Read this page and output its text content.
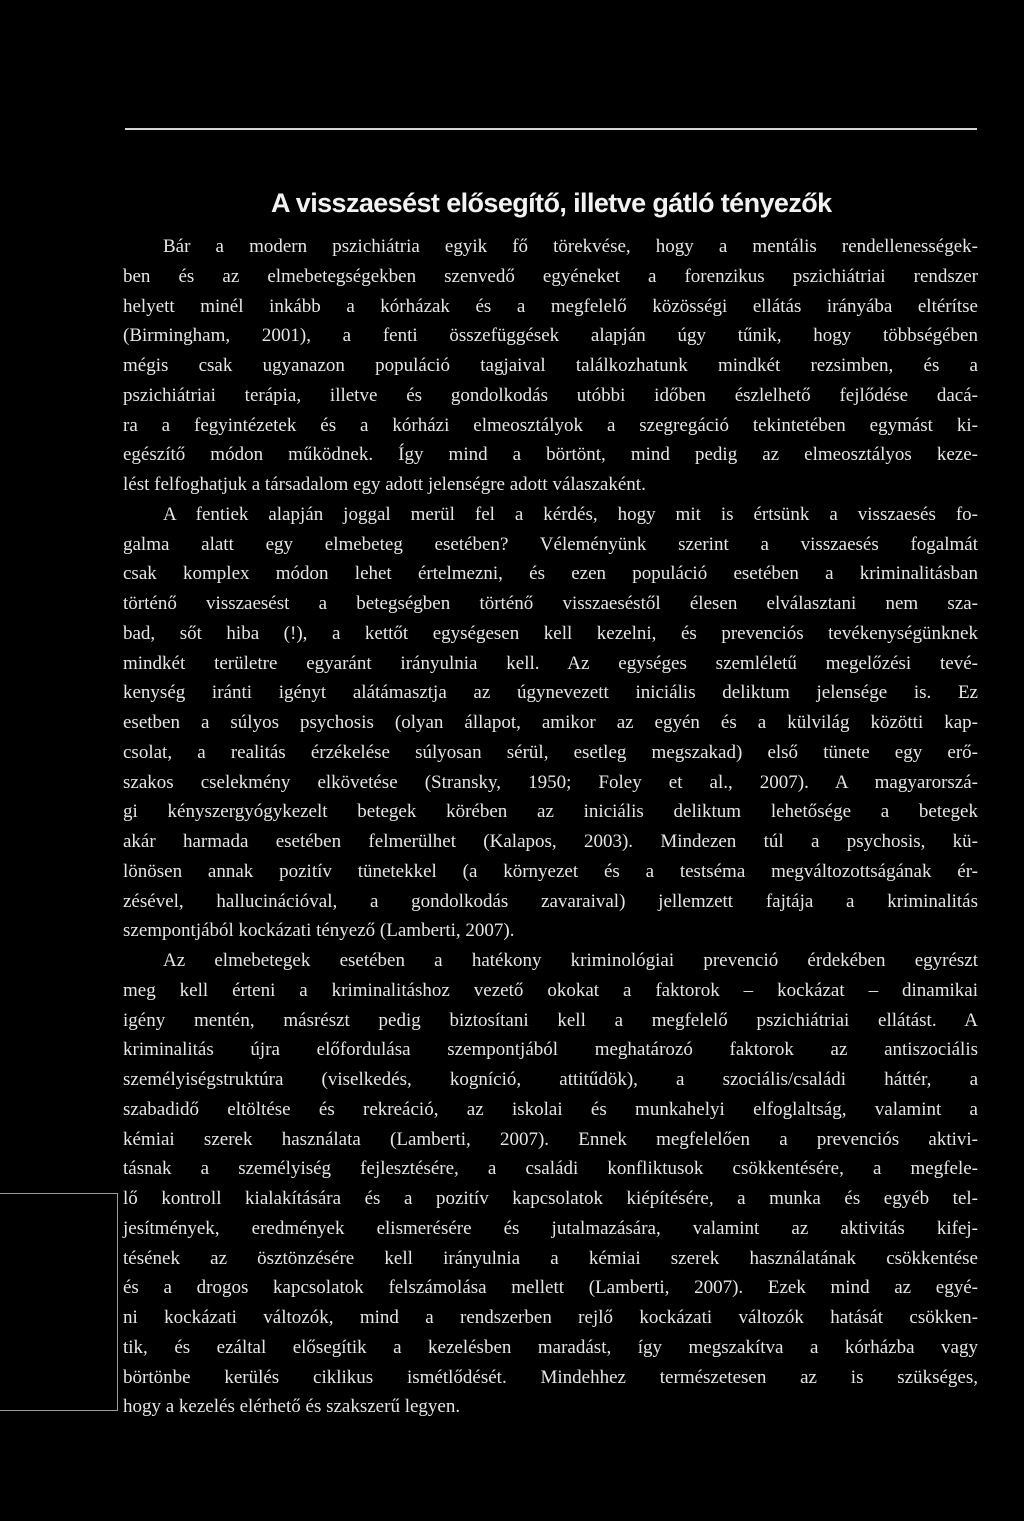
A visszaesést elősegítő, illetve gátló tényezők
Bár a modern pszichiátria egyik fő törekvése, hogy a mentális rendellenességek-
ben és az elmebetegségekben szenvedő egyéneket a forenzikus pszichiátriai rendszer
helyett minél inkább a kórházak és a megfelelő közösségi ellátás irányába eltérítse
(Birmingham, 2001), a fenti összefüggések alapján úgy tűnik, hogy többségében
mégis csak ugyanazon populáció tagjaival találkozhatunk mindkét rezsimben, és a
pszichiátriai terápia, illetve és gondolkodás utóbbi időben észlelhető fejlődése dacá-
ra a fegyintézetek és a kórházi elmeosztályok a szegregáció tekintetében egymást ki-
egészítő módon működnek. Így mind a börtönt, mind pedig az elmeosztályos keze-
lést felfoghatjuk a társadalom egy adott jelenségre adott válaszaként.
A fentiek alapján joggal merül fel a kérdés, hogy mit is értsünk a visszaesés fo-
galma alatt egy elmebeteg esetében? Véleményünk szerint a visszaesés fogalmát
csak komplex módon lehet értelmezni, és ezen populáció esetében a kriminalitásban
történő visszaesést a betegségben történő visszaeséstől élesen elválasztani nem sza-
bad, sőt hiba (!), a kettőt egységesen kell kezelni, és prevenciós tevékenységünknek
mindkét területre egyaránt irányulnia kell. Az egységes szemléletű megelőzési tevé-
kenység iránti igényt alátámasztja az úgynevezett iniciális deliktum jelensége is. Ez
esetben a súlyos psychosis (olyan állapot, amikor az egyén és a külvilág közötti kap-
csolat, a realitás érzékelése súlyosan sérül, esetleg megszakad) első tünete egy erő-
szakos cselekmény elkövetése (Stransky, 1950; Foley et al., 2007). A magyarorszá-
gi kényszergyógykezelt betegek körében az iniciális deliktum lehetősége a betegek
akár harmada esetében felmerülhet (Kalapos, 2003). Mindezen túl a psychosis, kü-
lönösen annak pozitív tünetekkel (a környezet és a testséma megváltozottságának ér-
zésével, hallucinációval, a gondolkodás zavaraival) jellemzett fajtája a kriminalitás
szempontjából kockázati tényező (Lamberti, 2007).
Az elmebetegek esetében a hatékony kriminológiai prevenció érdekében egyrészt
meg kell érteni a kriminalitáshoz vezető okokat a faktorok – kockázat – dinamikai
igény mentén, másrészt pedig biztosítani kell a megfelelő pszichiátriai ellátást. A
kriminalitás újra előfordulása szempontjából meghatározó faktorok az antiszociális
személyiségstruktúra (viselkedés, kogníció, attitűdök), a szociális/családi háttér, a
szabadidő eltöltése és rekreáció, az iskolai és munkahelyi elfoglaltság, valamint a
kémiai szerek használata (Lamberti, 2007). Ennek megfelelően a prevenciós aktivi-
tásnak a személyiség fejlesztésére, a családi konfliktusok csökkentésére, a megfele-
lő kontroll kialakítására és a pozitív kapcsolatok kiépítésére, a munka és egyéb tel-
jesítmények, eredmények elismerésére és jutalmazására, valamint az aktivitás kifej-
tésének az ösztönzésére kell irányulnia a kémiai szerek használatának csökkentése
és a drogos kapcsolatok felszámolása mellett (Lamberti, 2007). Ezek mind az egyé-
ni kockázati változók, mind a rendszerben rejlő kockázati változók hatását csökken-
tik, és ezáltal elősegítik a kezelésben maradást, így megszakítva a kórházba vagy
börtönbe kerülés ciklikus ismétlődését. Mindehhez természetesen az is szükséges,
hogy a kezelés elérhető és szakszerű legyen.
